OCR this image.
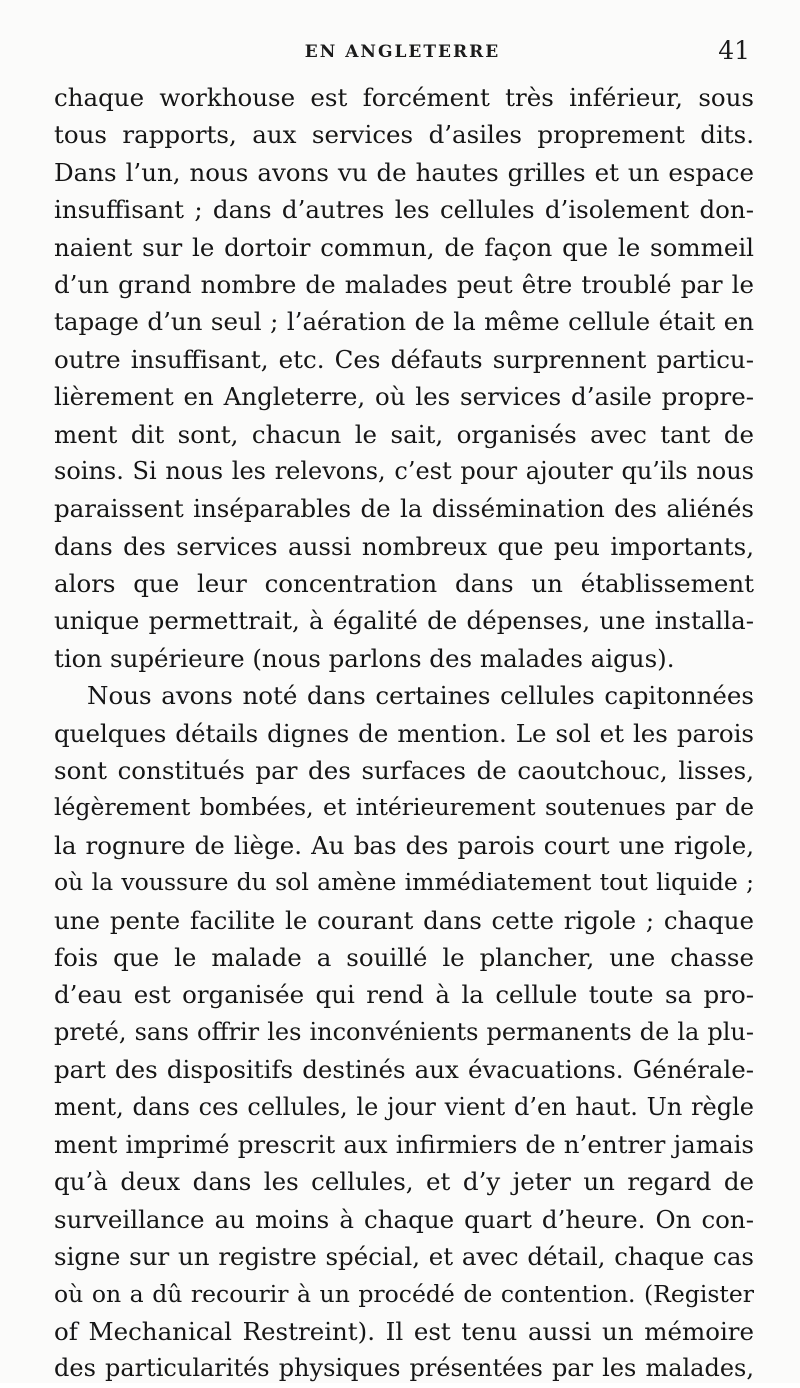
EN ANGLETERRE	41
chaque workhouse est forcément très inférieur, sous
tous rapports, aux services d’asiles proprement dits.
Dans l’un, nous avons vu de hautes grilles et un espace
insuffisant ; dans d’autres les cellules d’isolement don-
naient sur le dortoir commun, de façon que le sommeil
d’un grand nombre de malades peut être troublé par le
tapage d’un seul ; l’aération de la même cellule était en
outre insuffisant, etc. Ces défauts surprennent particu-
lièrement en Angleterre, où les services d’asile propre-
ment dit sont, chacun le sait, organisés avec tant de
soins. Si nous les relevons, c’est pour ajouter qu’ils nous
paraissent inséparables de la dissémination des aliénés
dans des services aussi nombreux que peu importants,
alors que leur concentration dans un établissement
unique permettrait, à égalité de dépenses, une installa-
tion supérieure (nous parlons des malades aigus).
Nous avons noté dans certaines cellules capitonnées
quelques détails dignes de mention. Le sol et les parois
sont constitués par des surfaces de caoutchouc, lisses,
légèrement bombées, et intérieurement soutenues par de
la rognure de liège. Au bas des parois court une rigole,
où la voussure du sol amène immédiatement tout liquide ;
une pente facilite le courant dans cette rigole ; chaque
fois que le malade a souillé le plancher, une chasse
d’eau est organisée qui rend à la cellule toute sa pro-
preté, sans offrir les inconvénients permanents de la plu-
part des dispositifs destinés aux évacuations. Générale-
ment, dans ces cellules, le jour vient d’en haut. Un règle
ment imprimé prescrit aux infirmiers de n’entrer jamais
qu’à deux dans les cellules, et d’y jeter un regard de
surveillance au moins à chaque quart d’heure. On con-
signe sur un registre spécial, et avec détail, chaque cas
où on a dû recourir à un procédé de contention. (Register
of Mechanical Restreint). Il est tenu aussi un mémoire
des particularités physiques présentées par les malades,
